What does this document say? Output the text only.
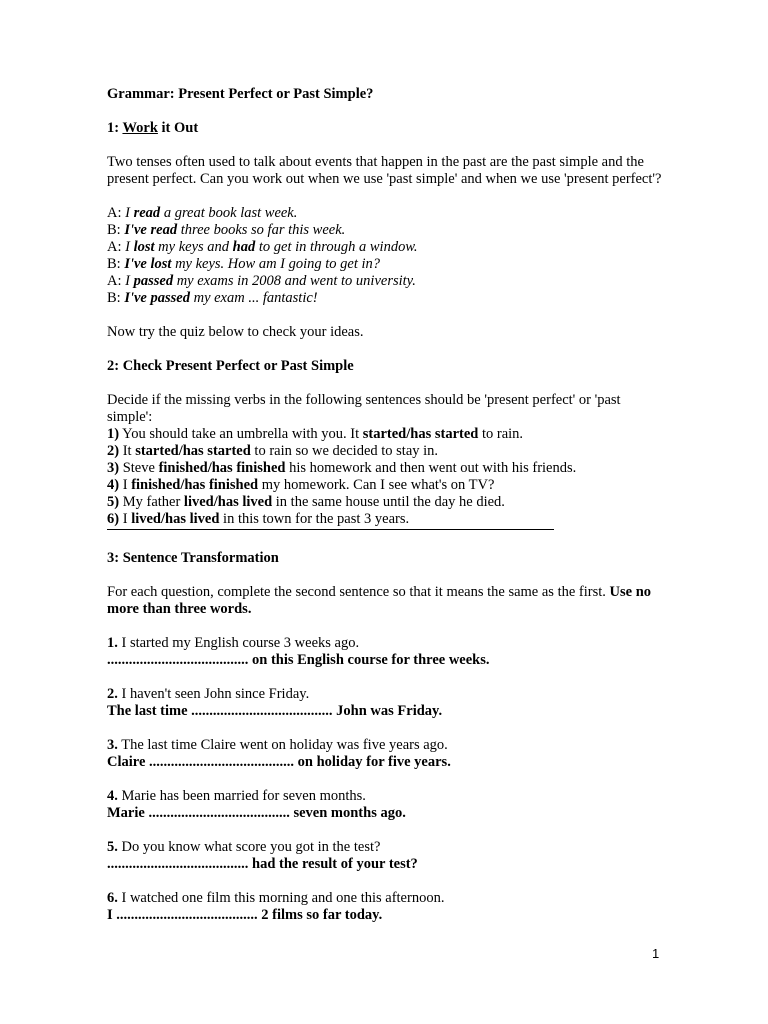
Grammar: Present Perfect or Past Simple?

1: Work it Out

Two tenses often used to talk about events that happen in the past are the past simple and the present perfect. Can you work out when we use 'past simple' and when we use 'present perfect'?

A: I read a great book last week.

B: I've read three books so far this week.

A: I lost my keys and had to get in through a window.

B: I've lost my keys. How am I going to get in?

A: I passed my exams in 2008 and went to university.

B: I've passed my exam ... fantastic!

Now try the quiz below to check your ideas.

2: Check Present Perfect or Past Simple

Decide if the missing verbs in the following sentences should be 'present perfect' or 'past simple':

1) You should take an umbrella with you. It started/has started to rain.

2) It started/has started to rain so we decided to stay in.

3) Steve finished/has finished his homework and then went out with his friends.

4) I finished/has finished my homework. Can I see what's on TV?

5) My father lived/has lived in the same house until the day he died.

6) I lived/has lived in this town for the past 3 years.

3: Sentence Transformation

For each question, complete the second sentence so that it means the same as the first. Use no more than three words.

1. I started my English course 3 weeks ago.

....................................... on this English course for three weeks.

2. I haven't seen John since Friday.

The last time ....................................... John was Friday.

3. The last time Claire went on holiday was five years ago.

Claire ........................................ on holiday for five years.

4. Marie has been married for seven months.

Marie ....................................... seven months ago.

5. Do you know what score you got in the test?

....................................... had the result of your test?

6. I watched one film this morning and one this afternoon.

I ....................................... 2 films so far today.

1
